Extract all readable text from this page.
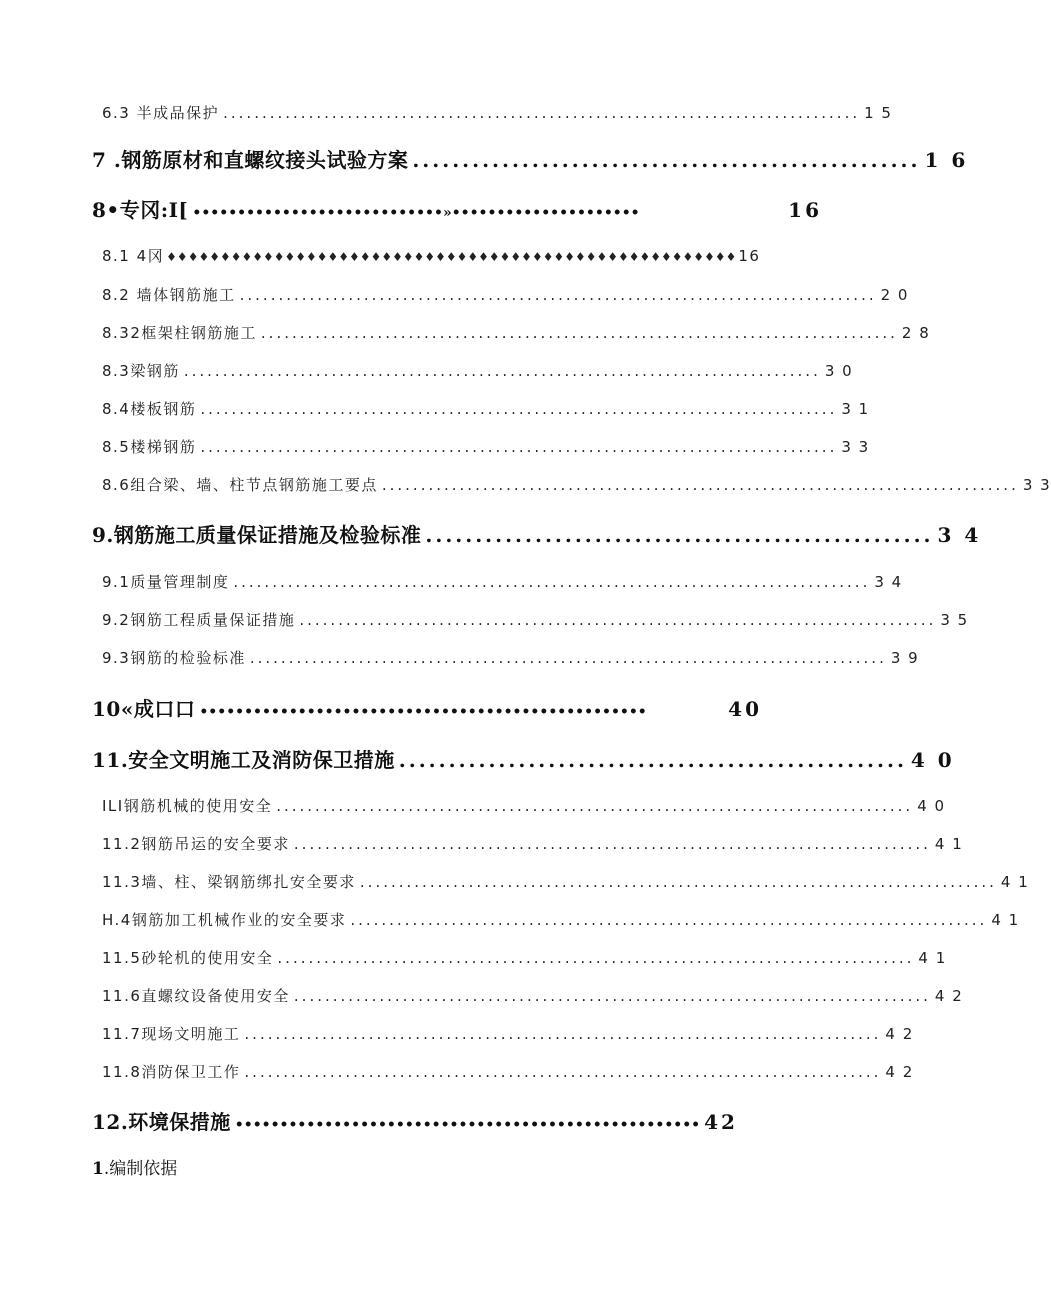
6.3 半成品保护 .................................................................................. 1 5
7 .钢筋原材和直螺纹接头试验方案 ................................................... 1 6
8•专冈:I[ ••••••••••••••••••••••••••••»•••••••••••••••••••••	16
8.1 4冈 ♦♦♦♦♦♦♦♦♦♦♦♦♦♦♦♦♦♦♦♦♦♦♦♦♦♦♦♦♦♦♦♦♦♦♦♦♦♦♦♦♦♦♦♦♦♦♦♦♦♦♦♦♦ 16
8.2 墙体钢筋施工 .................................................................................. 2 0
8.32框架柱钢筋施工 .................................................................................. 2 8
8.3梁钢筋 .................................................................................. 3 0
8.4楼板钢筋 .................................................................................. 3 1
8.5楼梯钢筋 .................................................................................. 3 3
8.6组合梁、墙、柱节点钢筋施工要点 .................................................................................. 3 3
9.钢筋施工质量保证措施及检验标准 ................................................... 3 4
9.1质量管理制度 .................................................................................. 3 4
9.2钢筋工程质量保证措施 .................................................................................. 3 5
9.3钢筋的检验标准 .................................................................................. 3 9
10«成口口 ••••••••••••••••••••••••••••••••••••••••••••••••••	40
11.安全文明施工及消防保卫措施 ................................................... 4 0
ILI钢筋机械的使用安全 .................................................................................. 4 0
11.2钢筋吊运的安全要求 .................................................................................. 4 1
11.3墙、柱、梁钢筋绑扎安全要求 .................................................................................. 4 1
H.4钢筋加工机械作业的安全要求 .................................................................................. 4 1
11.5砂轮机的使用安全 .................................................................................. 4 1
11.6直螺纹设备使用安全 .................................................................................. 4 2
11.7现场文明施工 .................................................................................. 4 2
11.8消防保卫工作 .................................................................................. 4 2
12.环境保措施 •••••••••••••••••••••••••••••••••••••••••••••••••••• 42
1.编制依据
